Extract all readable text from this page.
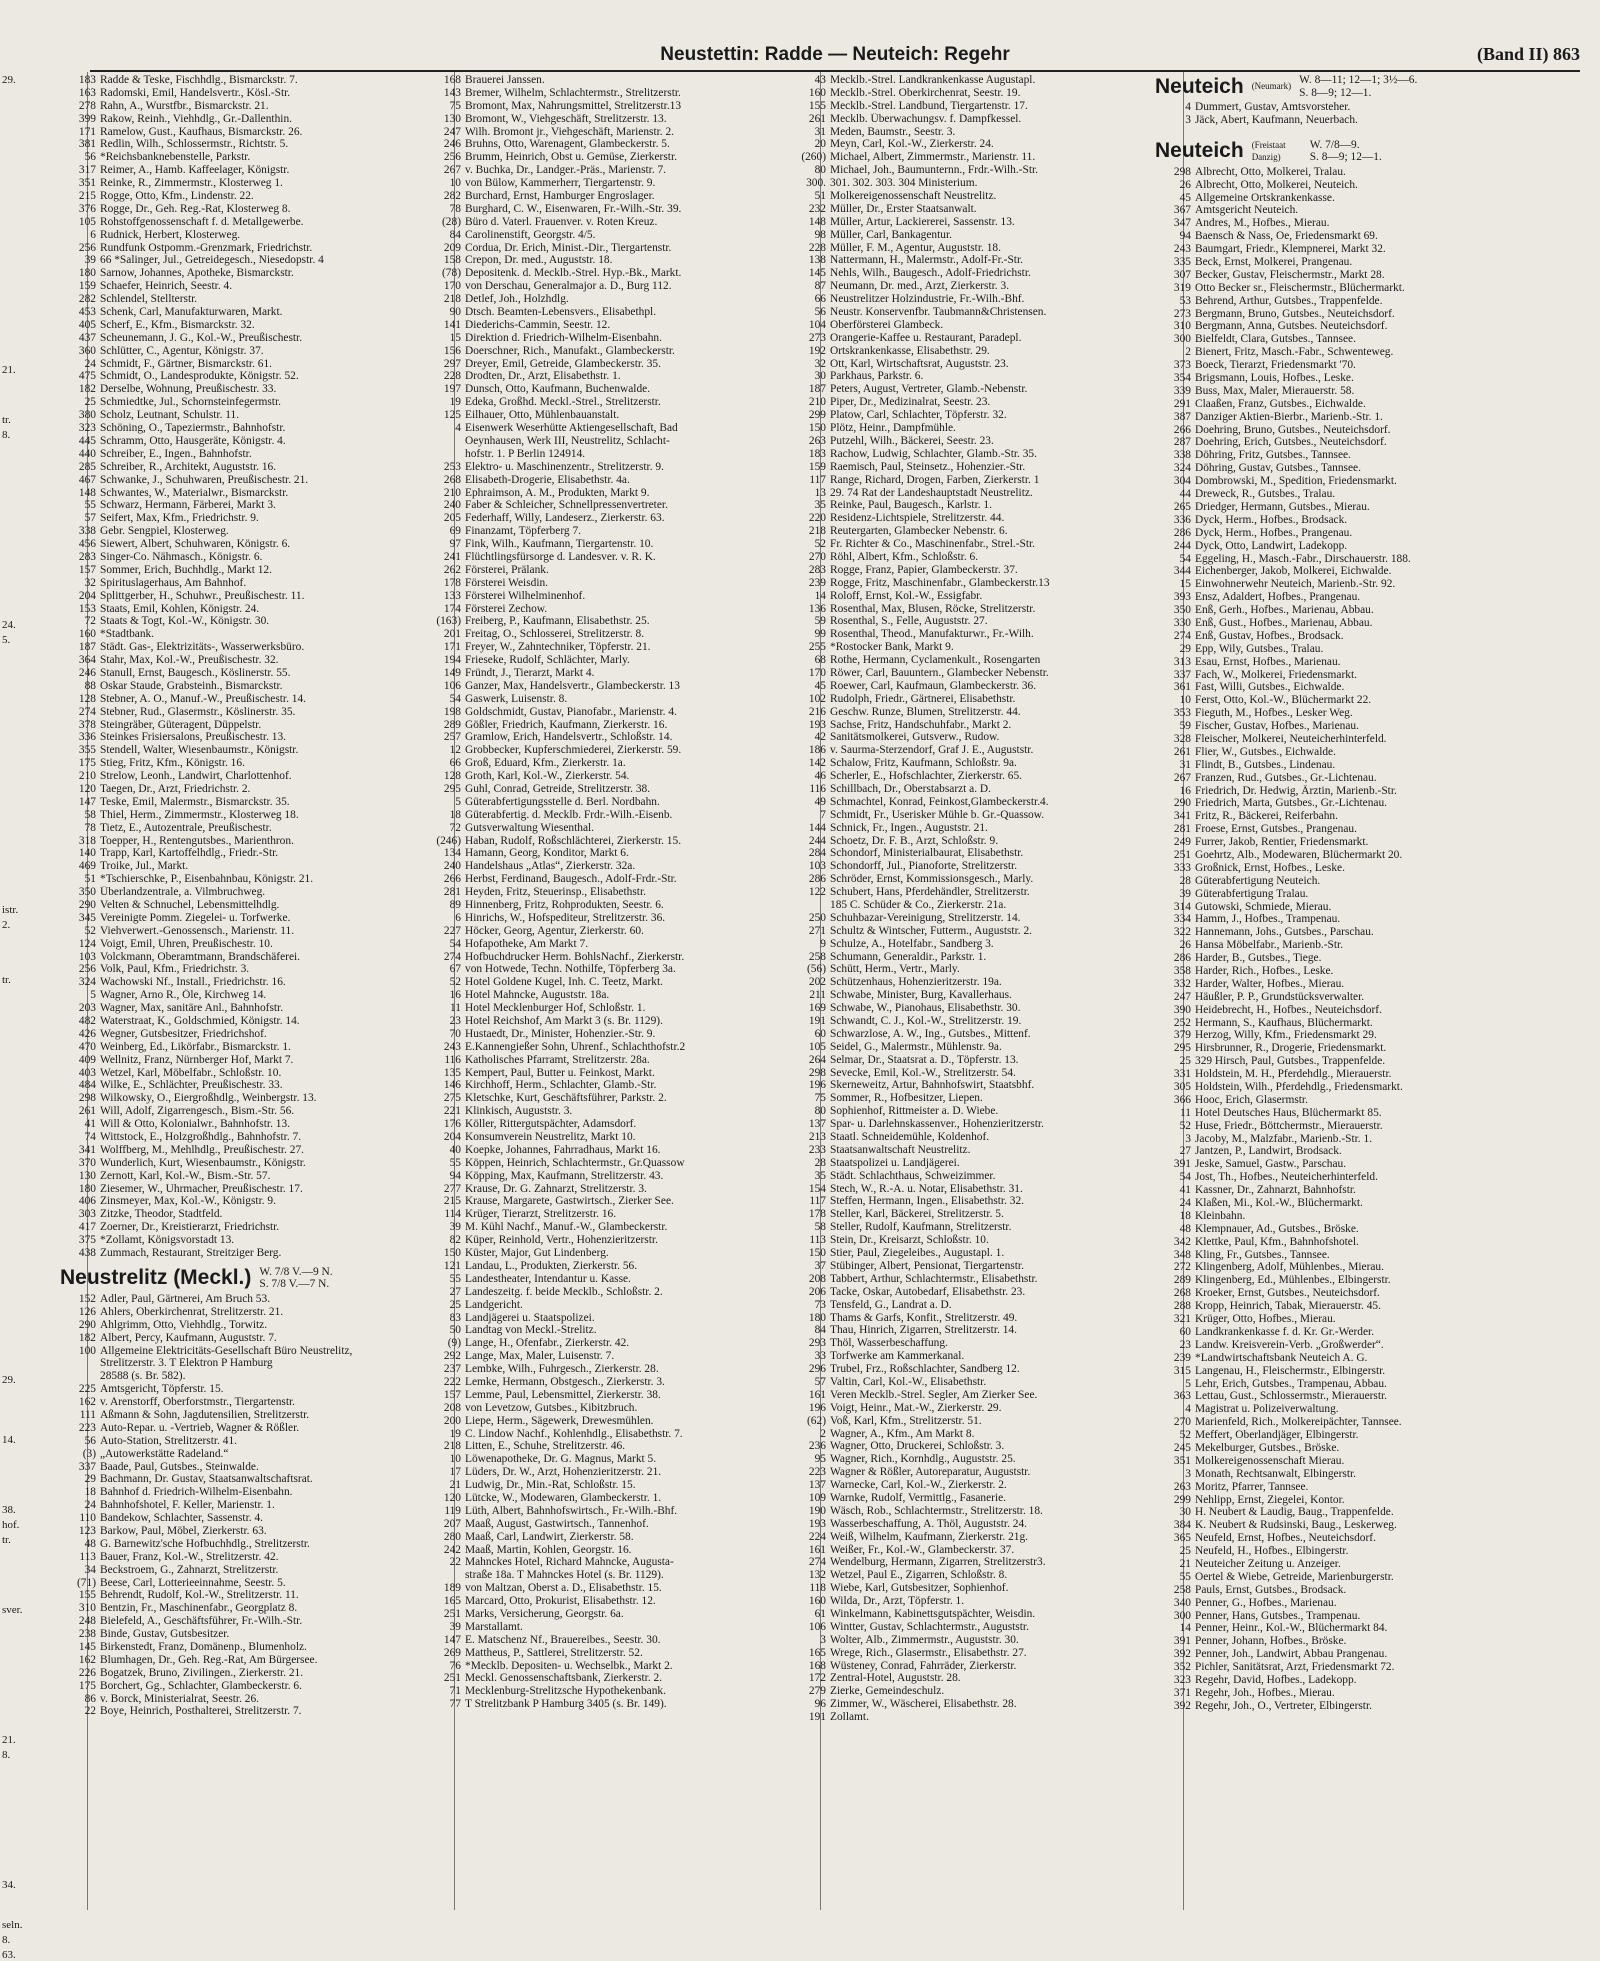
Neustettin: Radde — Neuteich: Regehr	(Band II) 863
29.
21.
tr.
8.
24.
5.
istr.
2.
tr.
29.
14.
38.
hof.
tr.
sver.
21.
8.
34.
seln.
8.
63.
183 Radde & Teske, Fischhdlg., Bismarckstr. 7.
163 Radomski, Emil, Handelsvertr., Kösl.-Str.
278 Rahn, A., Wurstfbr., Bismarckstr. 21.
399 Rakow, Reinh., Viehhdlg., Gr.-Dallenthin.
171 Ramelow, Gust., Kaufhaus, Bismarckstr. 26.
381 Redlin, Wilh., Schlossermstr., Richtstr. 5.
56 *Reichsbanknebenstelle, Parkstr.
317 Reimer, A., Hamb. Kaffeelager, Königstr.
351 Reinke, R., Zimmermstr., Klosterweg 1.
215 Rogge, Otto, Kfm., Lindenstr. 22.
376 Rogge, Dr., Geh. Reg.-Rat, Klosterweg 8.
105 Rohstoffgenossenschaft f. d. Metallgewerbe.
6 Rudnick, Herbert, Klosterweg.
256 Rundfunk Ostpomm.-Grenzmark, Friedrichstr.
39 66 *Salinger, Jul., Getreidegesch., Niesedopstr. 4
180 Sarnow, Johannes, Apotheke, Bismarckstr.
159 Schaefer, Heinrich, Seestr. 4.
282 Schlendel, Stellterstr.
453 Schenk, Carl, Manufakturwaren, Markt.
405 Scherf, E., Kfm., Bismarckstr. 32.
437 Scheunemann, J. G., Kol.-W., Preußischestr.
360 Schlütter, C., Agentur, Königstr. 37.
24 Schmidt, F., Gärtner, Bismarckstr. 61.
475 Schmidt, O., Landesprodukte, Königstr. 52.
182 Derselbe, Wohnung, Preußischestr. 33.
25 Schmiedtke, Jul., Schornsteinfegermstr.
380 Scholz, Leutnant, Schulstr. 11.
323 Schöning, O., Tapeziermstr., Bahnhofstr.
445 Schramm, Otto, Hausgeräte, Königstr. 4.
440 Schreiber, E., Ingen., Bahnhofstr.
285 Schreiber, R., Architekt, Auguststr. 16.
467 Schwanke, J., Schuhwaren, Preußischestr. 21.
148 Schwantes, W., Materialwr., Bismarckstr.
55 Schwarz, Hermann, Färberei, Markt 3.
57 Seifert, Max, Kfm., Friedrichstr. 9.
338 Gebr. Sengpiel, Klosterweg.
456 Siewert, Albert, Schuhwaren, Königstr. 6.
283 Singer-Co. Nähmasch., Königstr. 6.
157 Sommer, Erich, Buchhdlg., Markt 12.
32 Spirituslagerhaus, Am Bahnhof.
204 Splittgerber, H., Schuhwr., Preußischestr. 11.
153 Staats, Emil, Kohlen, Königstr. 24.
72 Staats & Togt, Kol.-W., Königstr. 30.
160 *Stadtbank.
187 Städt. Gas-, Elektrizitäts-, Wasserwerksbüro.
364 Stahr, Max, Kol.-W., Preußischestr. 32.
246 Stanull, Ernst, Baugesch., Köslinerstr. 55.
88 Oskar Staude, Grabsteinh., Bismarckstr.
128 Stebner, A. O., Manuf.-W., Preußischestr. 14.
274 Stebner, Rud., Glasermstr., Köslinerstr. 35.
378 Steingräber, Güteragent, Düppelstr.
336 Steinkes Frisiersalons, Preußischestr. 13.
355 Stendell, Walter, Wiesenbaumstr., Königstr.
175 Stieg, Fritz, Kfm., Königstr. 16.
210 Strelow, Leonh., Landwirt, Charlottenhof.
120 Taegen, Dr., Arzt, Friedrichstr. 2.
147 Teske, Emil, Malermstr., Bismarckstr. 35.
58 Thiel, Herm., Zimmermstr., Klosterweg 18.
78 Tietz, E., Autozentrale, Preußischestr.
318 Toepper, H., Rentengutsbes., Marienthron.
140 Trapp, Karl, Kartoffelhdlg., Friedr.-Str.
469 Troike, Jul., Markt.
51 *Tschierschke, P., Eisenbahnbau, Königstr. 21.
350 Überlandzentrale, a. Vilmbruchweg.
290 Velten & Schnuchel, Lebensmittelhdlg.
345 Vereinigte Pomm. Ziegelei- u. Torfwerke.
52 Viehverwert.-Genossensch., Marienstr. 11.
124 Voigt, Emil, Uhren, Preußischestr. 10.
103 Volckmann, Oberamtmann, Brandschäferei.
256 Volk, Paul, Kfm., Friedrichstr. 3.
324 Wachowski Nf., Install., Friedrichstr. 16.
5 Wagner, Arno R., Öle, Kirchweg 14.
203 Wagner, Max, sanitäre Anl., Bahnhofstr.
482 Waterstraat, K., Goldschmied, Königstr. 14.
426 Wegner, Gutsbesitzer, Friedrichshof.
470 Weinberg, Ed., Likörfabr., Bismarckstr. 1.
409 Wellnitz, Franz, Nürnberger Hof, Markt 7.
403 Wetzel, Karl, Möbelfabr., Schloßstr. 10.
484 Wilke, E., Schlächter, Preußischestr. 33.
298 Wilkowsky, O., Eiergroßhdlg., Weinbergstr. 13.
261 Will, Adolf, Zigarrengesch., Bism.-Str. 56.
41 Will & Otto, Kolonialwr., Bahnhofstr. 13.
74 Wittstock, E., Holzgroßhdlg., Bahnhofstr. 7.
341 Wolffberg, M., Mehlhdlg., Preußischestr. 27.
370 Wunderlich, Kurt, Wiesenbaumstr., Königstr.
130 Zernott, Karl, Kol.-W., Bism.-Str. 57.
180 Ziesemer, W., Uhrmacher, Preußischestr. 17.
406 Zinsmeyer, Max, Kol.-W., Königstr. 9.
303 Zitzke, Theodor, Stadtfeld.
417 Zoerner, Dr., Kreistierarzt, Friedrichstr.
375 *Zollamt, Königsvorstadt 13.
438 Zummach, Restaurant, Streitziger Berg.
Neustrelitz (Meckl.) W. 7/8 V.—9 N.
S. 7/8 V.—7 N.
152 Adler, Paul, Gärtnerei, Am Bruch 53.
126 Ahlers, Oberkirchenrat, Strelitzerstr. 21.
290 Ahlgrimm, Otto, Viehhdlg., Torwitz.
182 Albert, Percy, Kaufmann, Auguststr. 7.
100 Allgemeine Elektricitäts-Gesellschaft Büro Neustrelitz,
Strelitzerstr. 3. T Elektron P Hamburg
28588 (s. Br. 582).
225 Amtsgericht, Töpferstr. 15.
162 v. Arenstorff, Oberforstmstr., Tiergartenstr.
111 Aßmann & Sohn, Jagdutensilien, Strelitzerstr.
223 Auto-Repar. u. -Vertrieb, Wagner & Rößler.
56 Auto-Station, Strelitzerstr. 41.
(3) „Autowerkstätte Radeland.“
337 Baade, Paul, Gutsbes., Steinwalde.
29 Bachmann, Dr. Gustav, Staatsanwaltschaftsrat.
18 Bahnhof d. Friedrich-Wilhelm-Eisenbahn.
24 Bahnhofshotel, F. Keller, Marienstr. 1.
110 Bandekow, Schlachter, Sassenstr. 4.
123 Barkow, Paul, Möbel, Zierkerstr. 63.
48 G. Barnewitz'sche Hofbuchhdlg., Strelitzerstr.
113 Bauer, Franz, Kol.-W., Strelitzerstr. 42.
34 Beckstroem, G., Zahnarzt, Strelitzerstr.
(71) Beese, Carl, Lotterieeinnahme, Seestr. 5.
155 Behrendt, Rudolf, Kol.-W., Strelitzerstr. 11.
310 Bentzin, Fr., Maschinenfabr., Georgplatz 8.
248 Bielefeld, A., Geschäftsführer, Fr.-Wilh.-Str.
238 Binde, Gustav, Gutsbesitzer.
145 Birkenstedt, Franz, Domänenp., Blumenholz.
162 Blumhagen, Dr., Geh. Reg.-Rat, Am Bürgersee.
226 Bogatzek, Bruno, Zivilingen., Zierkerstr. 21.
175 Borchert, Gg., Schlachter, Glambeckerstr. 6.
86 v. Borck, Ministerialrat, Seestr. 26.
22 Boye, Heinrich, Posthalterei, Strelitzerstr. 7.
168 Brauerei Janssen.
143 Bremer, Wilhelm, Schlachtermstr., Strelitzerstr.
75 Bromont, Max, Nahrungsmittel, Strelitzerstr.13
130 Bromont, W., Viehgeschäft, Strelitzerstr. 13.
247 Wilh. Bromont jr., Viehgeschäft, Marienstr. 2.
246 Bruhns, Otto, Warenagent, Glambeckerstr. 5.
256 Brumm, Heinrich, Obst u. Gemüse, Zierkerstr.
267 v. Buchka, Dr., Landger.-Präs., Marienstr. 7.
10 von Bülow, Kammerherr, Tiergartenstr. 9.
282 Burchard, Ernst, Hamburger Engroslager.
78 Burghard, C. W., Eisenwaren, Fr.-Wilh.-Str. 39.
(28) Büro d. Vaterl. Frauenver. v. Roten Kreuz.
84 Carolinenstift, Georgstr. 4/5.
209 Cordua, Dr. Erich, Minist.-Dir., Tiergartenstr.
158 Crepon, Dr. med., Auguststr. 18.
(78) Depositenk. d. Mecklb.-Strel. Hyp.-Bk., Markt.
170 von Derschau, Generalmajor a. D., Burg 112.
218 Detlef, Joh., Holzhdlg.
90 Dtsch. Beamten-Lebensvers., Elisabethpl.
141 Diederichs-Cammin, Seestr. 12.
15 Direktion d. Friedrich-Wilhelm-Eisenbahn.
156 Doerschner, Rich., Manufakt., Glambeckerstr.
297 Dreyer, Emil, Getreide, Glambeckerstr. 35.
228 Drodten, Dr., Arzt, Elisabethstr. 1.
197 Dunsch, Otto, Kaufmann, Buchenwalde.
19 Edeka, Großhd. Meckl.-Strel., Strelitzerstr.
125 Eilhauer, Otto, Mühlenbauanstalt.
4 Eisenwerk Weserhütte Aktiengesellschaft, Bad
Oeynhausen, Werk III, Neustrelitz, Schlacht-
hofstr. 1. P Berlin 124914.
253 Elektro- u. Maschinenzentr., Strelitzerstr. 9.
268 Elisabeth-Drogerie, Elisabethstr. 4a.
210 Ephraimson, A. M., Produkten, Markt 9.
240 Faber & Schleicher, Schnellpressenvertreter.
205 Federhaff, Willy, Landeserz., Zierkerstr. 63.
69 Finanzamt, Töpferberg 7.
97 Fink, Wilh., Kaufmann, Tiergartenstr. 10.
241 Flüchtlingsfürsorge d. Landesver. v. R. K.
262 Försterei, Prälank.
178 Försterei Weisdin.
133 Försterei Wilhelminenhof.
174 Försterei Zechow.
(163) Freiberg, P., Kaufmann, Elisabethstr. 25.
201 Freitag, O., Schlosserei, Strelitzerstr. 8.
171 Freyer, W., Zahntechniker, Töpferstr. 21.
194 Frieseke, Rudolf, Schlächter, Marly.
149 Fründt, J., Tierarzt, Markt 4.
106 Ganzer, Max, Handelsvertr., Glambeckerstr. 13
54 Gaswerk, Luisenstr. 8.
198 Goldschmidt, Gustav, Pianofabr., Marienstr. 4.
289 Gößler, Friedrich, Kaufmann, Zierkerstr. 16.
257 Gramlow, Erich, Handelsvertr., Schloßstr. 14.
12 Grobbecker, Kupferschmiederei, Zierkerstr. 59.
66 Groß, Eduard, Kfm., Zierkerstr. 1a.
128 Groth, Karl, Kol.-W., Zierkerstr. 54.
295 Guhl, Conrad, Getreide, Strelitzerstr. 38.
5 Güterabfertigungsstelle d. Berl. Nordbahn.
18 Güterabfertig. d. Mecklb. Frdr.-Wilh.-Eisenb.
72 Gutsverwaltung Wiesenthal.
(246) Haban, Rudolf, Roßschlächterei, Zierkerstr. 15.
134 Hamann, Georg, Konditor, Markt 6.
240 Handelshaus „Atlas“, Zierkerstr. 32a.
266 Herbst, Ferdinand, Baugesch., Adolf-Frdr.-Str.
281 Heyden, Fritz, Steuerinsp., Elisabethstr.
89 Hinnenberg, Fritz, Rohprodukten, Seestr. 6.
6 Hinrichs, W., Hofspediteur, Strelitzerstr. 36.
227 Höcker, Georg, Agentur, Zierkerstr. 60.
54 Hofapotheke, Am Markt 7.
274 Hofbuchdrucker Herm. BohlsNachf., Zierkerstr.
67 von Hotwede, Techn. Nothilfe, Töpferberg 3a.
52 Hotel Goldene Kugel, Inh. C. Teetz, Markt.
16 Hotel Mahncke, Auguststr. 18a.
11 Hotel Mecklenburger Hof, Schloßstr. 1.
23 Hotel Reichshof, Am Markt 3 (s. Br. 1129).
70 Hustaedt, Dr., Minister, Hohenzier.-Str. 9.
243 E.Kannengießer Sohn, Uhrenf., Schlachthofstr.2
116 Katholisches Pfarramt, Strelitzerstr. 28a.
135 Kempert, Paul, Butter u. Feinkost, Markt.
146 Kirchhoff, Herm., Schlachter, Glamb.-Str.
275 Kletschke, Kurt, Geschäftsführer, Parkstr. 2.
221 Klinkisch, Auguststr. 3.
176 Köller, Rittergutspächter, Adamsdorf.
204 Konsumverein Neustrelitz, Markt 10.
40 Koepke, Johannes, Fahrradhaus, Markt 16.
55 Köppen, Heinrich, Schlachtermstr., Gr.Quassow
94 Köpping, Max, Kaufmann, Strelitzerstr. 43.
277 Krause, Dr. G. Zahnarzt, Strelitzerstr. 3.
215 Krause, Margarete, Gastwirtsch., Zierker See.
114 Krüger, Tierarzt, Strelitzerstr. 16.
39 M. Kühl Nachf., Manuf.-W., Glambeckerstr.
82 Küper, Reinhold, Vertr., Hohenzieritzerstr.
150 Küster, Major, Gut Lindenberg.
121 Landau, L., Produkten, Zierkerstr. 56.
55 Landestheater, Intendantur u. Kasse.
27 Landeszeitg. f. beide Mecklb., Schloßstr. 2.
25 Landgericht.
83 Landjägerei u. Staatspolizei.
50 Landtag von Meckl.-Strelitz.
(9) Lange, H., Ofenfabr., Zierkerstr. 42.
292 Lange, Max, Maler, Luisenstr. 7.
237 Lembke, Wilh., Fuhrgesch., Zierkerstr. 28.
222 Lemke, Hermann, Obstgesch., Zierkerstr. 3.
157 Lemme, Paul, Lebensmittel, Zierkerstr. 38.
208 von Levetzow, Gutsbes., Kibitzbruch.
200 Liepe, Herm., Sägewerk, Drewesmühlen.
19 C. Lindow Nachf., Kohlenhdlg., Elisabethstr. 7.
218 Litten, E., Schuhe, Strelitzerstr. 46.
10 Löwenapotheke, Dr. G. Magnus, Markt 5.
17 Lüders, Dr. W., Arzt, Hohenzieritzerstr. 21.
21 Ludwig, Dr., Min.-Rat, Schloßstr. 15.
120 Lütcke, W., Modewaren, Glambeckerstr. 1.
119 Lüth, Albert, Bahnhofswirtsch., Fr.-Wilh.-Bhf.
207 Maaß, August, Gastwirtsch., Tannenhof.
280 Maaß, Carl, Landwirt, Zierkerstr. 58.
242 Maaß, Martin, Kohlen, Georgstr. 16.
22 Mahnckes Hotel, Richard Mahncke, Augusta-
straße 18a. T Mahnckes Hotel (s. Br. 1129).
189 von Maltzan, Oberst a. D., Elisabethstr. 15.
165 Marcard, Otto, Prokurist, Elisabethstr. 12.
251 Marks, Versicherung, Georgstr. 6a.
39 Marstallamt.
147 E. Matschenz Nf., Brauereibes., Seestr. 30.
269 Mattheus, P., Sattlerei, Strelitzerstr. 52.
76 *Mecklb. Depositen- u. Wechselbk., Markt 2.
251 Meckl. Genossenschaftsbank, Zierkerstr. 2.
71 Mecklenburg-Strelitzsche Hypothekenbank.
77 T Strelitzbank P Hamburg 3405 (s. Br. 149).
43 Mecklb.-Strel. Landkrankenkasse Augustapl.
160 Mecklb.-Strel. Oberkirchenrat, Seestr. 19.
155 Mecklb.-Strel. Landbund, Tiergartenstr. 17.
261 Mecklb. Überwachungsv. f. Dampfkessel.
31 Meden, Baumstr., Seestr. 3.
20 Meyn, Carl, Kol.-W., Zierkerstr. 24.
(260) Michael, Albert, Zimmermstr., Marienstr. 11.
80 Michael, Joh., Baumunternn., Frdr.-Wilh.-Str.
300. 301. 302. 303. 304 Ministerium.
51 Molkereigenossenschaft Neustrelitz.
232 Müller, Dr., Erster Staatsanwalt.
148 Müller, Artur, Lackiererei, Sassenstr. 13.
98 Müller, Carl, Bankagentur.
228 Müller, F. M., Agentur, Auguststr. 18.
138 Nattermann, H., Malermstr., Adolf-Fr.-Str.
145 Nehls, Wilh., Baugesch., Adolf-Friedrichstr.
87 Neumann, Dr. med., Arzt, Zierkerstr. 3.
66 Neustrelitzer Holzindustrie, Fr.-Wilh.-Bhf.
56 Neustr. Konservenfbr. Taubmann&Christensen.
104 Oberförsterei Glambeck.
273 Orangerie-Kaffee u. Restaurant, Paradepl.
192 Ortskrankenkasse, Elisabethstr. 29.
32 Ott, Karl, Wirtschaftsrat, Auguststr. 23.
30 Parkhaus, Parkstr. 6.
187 Peters, August, Vertreter, Glamb.-Nebenstr.
210 Piper, Dr., Medizinalrat, Seestr. 23.
299 Platow, Carl, Schlachter, Töpferstr. 32.
150 Plötz, Heinr., Dampfmühle.
263 Putzehl, Wilh., Bäckerei, Seestr. 23.
183 Rachow, Ludwig, Schlachter, Glamb.-Str. 35.
159 Raemisch, Paul, Steinsetz., Hohenzier.-Str.
117 Range, Richard, Drogen, Farben, Zierkerstr. 1
13 29. 74 Rat der Landeshauptstadt Neustrelitz.
35 Reinke, Paul, Baugesch., Karlstr. 1.
220 Residenz-Lichtspiele, Strelitzerstr. 44.
218 Reutergarten, Glambecker Nebenstr. 6.
52 Fr. Richter & Co., Maschinenfabr., Strel.-Str.
270 Röhl, Albert, Kfm., Schloßstr. 6.
283 Rogge, Franz, Papier, Glambeckerstr. 37.
239 Rogge, Fritz, Maschinenfabr., Glambeckerstr.13
14 Roloff, Ernst, Kol.-W., Essigfabr.
136 Rosenthal, Max, Blusen, Röcke, Strelitzerstr.
59 Rosenthal, S., Felle, Auguststr. 27.
99 Rosenthal, Theod., Manufakturwr., Fr.-Wilh.
255 *Rostocker Bank, Markt 9.
68 Rothe, Hermann, Cyclamenkult., Rosengarten
170 Röwer, Carl, Bauuntern., Glambecker Nebenstr.
45 Roewer, Carl, Kaufmaun, Glambeckerstr. 36.
102 Rudolph, Friedr., Gärtnerei, Elisabethstr.
216 Geschw. Runze, Blumen, Strelitzerstr. 44.
193 Sachse, Fritz, Handschuhfabr., Markt 2.
42 Sanitätsmolkerei, Gutsverw., Rudow.
186 v. Saurma-Sterzendorf, Graf J. E., Auguststr.
142 Schalow, Fritz, Kaufmann, Schloßstr. 9a.
46 Scherler, E., Hofschlachter, Zierkerstr. 65.
116 Schillbach, Dr., Oberstabsarzt a. D.
49 Schmachtel, Konrad, Feinkost,Glambeckerstr.4.
7 Schmidt, Fr., Userisker Mühle b. Gr.-Quassow.
144 Schnick, Fr., Ingen., Auguststr. 21.
244 Schoetz, Dr. F. B., Arzt, Schloßstr. 9.
284 Schondorf, Ministerialbaurat, Elisabethstr.
103 Schondorff, Jul., Pianoforte, Strelitzerstr.
286 Schröder, Ernst, Kommissionsgesch., Marly.
122 Schubert, Hans, Pferdehändler, Strelitzerstr.
185 C. Schüder & Co., Zierkerstr. 21a.
250 Schuhbazar-Vereinigung, Strelitzerstr. 14.
271 Schultz & Wintscher, Futterm., Auguststr. 2.
9 Schulze, A., Hotelfabr., Sandberg 3.
258 Schumann, Generaldir., Parkstr. 1.
(56) Schütt, Herm., Vertr., Marly.
202 Schützenhaus, Hohenzieritzerstr. 19a.
211 Schwabe, Minister, Burg, Kavallerhaus.
169 Schwabe, W., Pianohaus, Elisabethstr. 30.
191 Schwandt, C. J., Kol.-W., Strelitzerstr. 19.
60 Schwarzlose, A. W., Ing., Gutsbes., Mittenf.
105 Seidel, G., Malermstr., Mühlenstr. 9a.
264 Selmar, Dr., Staatsrat a. D., Töpferstr. 13.
298 Sevecke, Emil, Kol.-W., Strelitzerstr. 54.
196 Skerneweitz, Artur, Bahnhofswirt, Staatsbhf.
75 Sommer, R., Hofbesitzer, Liepen.
80 Sophienhof, Rittmeister a. D. Wiebe.
137 Spar- u. Darlehnskassenver., Hohenzieritzerstr.
213 Staatl. Schneidemühle, Koldenhof.
233 Staatsanwaltschaft Neustrelitz.
28 Staatspolizei u. Landjägerei.
35 Städt. Schlachthaus, Schweizimmer.
154 Stech, W., R.-A. u. Notar, Elisabethstr. 31.
117 Steffen, Hermann, Ingen., Elisabethstr. 32.
178 Steller, Karl, Bäckerei, Strelitzerstr. 5.
58 Steller, Rudolf, Kaufmann, Strelitzerstr.
113 Stein, Dr., Kreisarzt, Schloßstr. 10.
150 Stier, Paul, Ziegeleibes., Augustapl. 1.
37 Stübinger, Albert, Pensionat, Tiergartenstr.
208 Tabbert, Arthur, Schlachtermstr., Elisabethstr.
206 Tacke, Oskar, Autobedarf, Elisabethstr. 23.
73 Tensfeld, G., Landrat a. D.
180 Thams & Garfs, Konfit., Strelitzerstr. 49.
84 Thau, Hinrich, Zigarren, Strelitzerstr. 14.
293 Thöl, Wasserbeschaffung.
33 Torfwerke am Kammerkanal.
296 Trubel, Frz., Roßschlachter, Sandberg 12.
57 Valtin, Carl, Kol.-W., Elisabethstr.
161 Veren Mecklb.-Strel. Segler, Am Zierker See.
196 Voigt, Heinr., Mat.-W., Zierkerstr. 29.
(62) Voß, Karl, Kfm., Strelitzerstr. 51.
2 Wagner, A., Kfm., Am Markt 8.
236 Wagner, Otto, Druckerei, Schloßstr. 3.
95 Wagner, Rich., Kornhdlg., Auguststr. 25.
223 Wagner & Rößler, Autoreparatur, Auguststr.
137 Warnecke, Carl, Kol.-W., Zierkerstr. 2.
109 Warnke, Rudolf, Vermittlg., Fasanerie.
190 Wäsch, Rob., Schlachtermstr., Strelitzerstr. 18.
193 Wasserbeschaffung, A. Thöl, Auguststr. 24.
224 Weiß, Wilhelm, Kaufmann, Zierkerstr. 21g.
161 Weißer, Fr., Kol.-W., Glambeckerstr. 37.
274 Wendelburg, Hermann, Zigarren, Strelitzerstr3.
132 Wetzel, Paul E., Zigarren, Schloßstr. 8.
118 Wiebe, Karl, Gutsbesitzer, Sophienhof.
160 Wilda, Dr., Arzt, Töpferstr. 1.
61 Winkelmann, Kabinettsgutspächter, Weisdin.
106 Wintter, Gustav, Schlachtermstr., Auguststr.
3 Wolter, Alb., Zimmermstr., Auguststr. 30.
165 Wrege, Rich., Glasermstr., Elisabethstr. 27.
168 Wüsteney, Conrad, Fahrräder, Zierkerstr.
172 Zentral-Hotel, Auguststr. 28.
279 Zierke, Gemeindeschulz.
96 Zimmer, W., Wäscherei, Elisabethstr. 28.
191 Zollamt.
Neuteich (Neumark)
W. 8—11; 12—1; 3½—6.
S. 8—9; 12—1.
4 Dummert, Gustav, Amtsvorsteher.
3 Jäck, Abert, Kaufmann, Neuerbach.
Neuteich (Freistaat Danzig)
W. 7/8—9.
S. 8—9; 12—1.
298 Albrecht, Otto, Molkerei, Tralau.
26 Albrecht, Otto, Molkerei, Neuteich.
45 Allgemeine Ortskrankenkasse.
367 Amtsgericht Neuteich.
347 Andres, M., Hofbes., Mierau.
94 Baensch & Nass, Oe, Friedensmarkt 69.
243 Baumgart, Friedr., Klempnerei, Markt 32.
335 Beck, Ernst, Molkerei, Prangenau.
307 Becker, Gustav, Fleischermstr., Markt 28.
319 Otto Becker sr., Fleischermstr., Blüchermarkt.
53 Behrend, Arthur, Gutsbes., Trappenfelde.
273 Bergmann, Bruno, Gutsbes., Neuteichsdorf.
310 Bergmann, Anna, Gutsbes. Neuteichsdorf.
300 Bielfeldt, Clara, Gutsbes., Tannsee.
2 Bienert, Fritz, Masch.-Fabr., Schwenteweg.
373 Boeck, Tierarzt, Friedensmarkt '70.
354 Brigsmann, Louis, Hofbes., Leske.
339 Buss, Max, Maler, Mierauerstr. 58.
291 Claaßen, Franz, Gutsbes., Eichwalde.
387 Danziger Aktien-Bierbr., Marienb.-Str. 1.
266 Doehring, Bruno, Gutsbes., Neuteichsdorf.
287 Doehring, Erich, Gutsbes., Neuteichsdorf.
338 Döhring, Fritz, Gutsbes., Tannsee.
324 Döhring, Gustav, Gutsbes., Tannsee.
304 Dombrowski, M., Spedition, Friedensmarkt.
44 Dreweck, R., Gutsbes., Tralau.
265 Driedger, Hermann, Gutsbes., Mierau.
336 Dyck, Herm., Hofbes., Brodsack.
286 Dyck, Herm., Hofbes., Prangenau.
244 Dyck, Otto, Landwirt, Ladekopp.
54 Eggeling, H., Masch.-Fabr., Dirschauerstr. 188.
344 Eichenberger, Jakob, Molkerei, Eichwalde.
15 Einwohnerwehr Neuteich, Marienb.-Str. 92.
393 Ensz, Adaldert, Hofbes., Prangenau.
350 Enß, Gerh., Hofbes., Marienau, Abbau.
330 Enß, Gust., Hofbes., Marienau, Abbau.
274 Enß, Gustav, Hofbes., Brodsack.
29 Epp, Wily, Gutsbes., Tralau.
313 Esau, Ernst, Hofbes., Marienau.
337 Fach, W., Molkerei, Friedensmarkt.
361 Fast, Willi, Gutsbes., Eichwalde.
10 Ferst, Otto, Kol.-W., Blüchermarkt 22.
353 Fieguth, M., Hofbes., Lesker Weg.
59 Fischer, Gustav, Hofbes., Marienau.
328 Fleischer, Molkerei, Neuteicherhinterfeld.
261 Flier, W., Gutsbes., Eichwalde.
31 Flindt, B., Gutsbes., Lindenau.
267 Franzen, Rud., Gutsbes., Gr.-Lichtenau.
16 Friedrich, Dr. Hedwig, Ärztin, Marienb.-Str.
290 Friedrich, Marta, Gutsbes., Gr.-Lichtenau.
341 Fritz, R., Bäckerei, Reiferbahn.
281 Froese, Ernst, Gutsbes., Prangenau.
249 Furrer, Jakob, Rentier, Friedensmarkt.
251 Goehrtz, Alb., Modewaren, Blüchermarkt 20.
333 Großnick, Ernst, Hofbes., Leske.
28 Güterabfertigung Neuteich.
39 Güterabfertigung Tralau.
314 Gutowski, Schmiede, Mierau.
334 Hamm, J., Hofbes., Trampenau.
322 Hannemann, Johs., Gutsbes., Parschau.
26 Hansa Möbelfabr., Marienb.-Str.
286 Harder, B., Gutsbes., Tiege.
358 Harder, Rich., Hofbes., Leske.
332 Harder, Walter, Hofbes., Mierau.
247 Häußler, P. P., Grundstücksverwalter.
390 Heidebrecht, H., Hofbes., Neuteichsdorf.
252 Hermann, S., Kaufhaus, Blüchermarkt.
379 Herzog, Willy, Kfm., Friedensmarkt 29.
295 Hirsbrunner, R., Drogerie, Friedensmarkt.
25 329 Hirsch, Paul, Gutsbes., Trappenfelde.
331 Holdstein, M. H., Pferdehdlg., Mierauerstr.
305 Holdstein, Wilh., Pferdehdlg., Friedensmarkt.
366 Hooc, Erich, Glasermstr.
11 Hotel Deutsches Haus, Blüchermarkt 85.
52 Huse, Friedr., Böttchermstr., Mierauerstr.
3 Jacoby, M., Malzfabr., Marienb.-Str. 1.
27 Jantzen, P., Landwirt, Brodsack.
391 Jeske, Samuel, Gastw., Parschau.
54 Jost, Th., Hofbes., Neuteicherhinterfeld.
41 Kassner, Dr., Zahnarzt, Bahnhofstr.
24 Klaßen, Mi., Kol.-W., Blüchermarkt.
18 Kleinbahn.
48 Klempnauer, Ad., Gutsbes., Bröske.
342 Klettke, Paul, Kfm., Bahnhofshotel.
348 Kling, Fr., Gutsbes., Tannsee.
272 Klingenberg, Adolf, Mühlenbes., Mierau.
289 Klingenberg, Ed., Mühlenbes., Elbingerstr.
268 Kroeker, Ernst, Gutsbes., Neuteichsdorf.
288 Kropp, Heinrich, Tabak, Mierauerstr. 45.
321 Krüger, Otto, Hofbes., Mierau.
60 Landkrankenkasse f. d. Kr. Gr.-Werder.
23 Landw. Kreisverein-Verb. „Großwerder“.
239 *Landwirtschaftsbank Neuteich A. G.
315 Langenau, H., Fleischermstr., Elbingerstr.
5 Lehr, Erich, Gutsbes., Trampenau, Abbau.
363 Lettau, Gust., Schlossermstr., Mierauerstr.
4 Magistrat u. Polizeiverwaltung.
270 Marienfeld, Rich., Molkereipächter, Tannsee.
52 Meffert, Oberlandjäger, Elbingerstr.
245 Mekelburger, Gutsbes., Bröske.
351 Molkereigenossenschaft Mierau.
3 Monath, Rechtsanwalt, Elbingerstr.
263 Moritz, Pfarrer, Tannsee.
299 Nehlipp, Ernst, Ziegelei, Kontor.
30 H. Neubert & Laudig, Baug., Trappenfelde.
384 K. Neubert & Rudsinski, Baug., Leskerweg.
365 Neufeld, Ernst, Hofbes., Neuteichsdorf.
25 Neufeld, H., Hofbes., Elbingerstr.
21 Neuteicher Zeitung u. Anzeiger.
55 Oertel & Wiebe, Getreide, Marienburgerstr.
258 Pauls, Ernst, Gutsbes., Brodsack.
340 Penner, G., Hofbes., Marienau.
300 Penner, Hans, Gutsbes., Trampenau.
14 Penner, Heinr., Kol.-W., Blüchermarkt 84.
391 Penner, Johann, Hofbes., Bröske.
392 Penner, Joh., Landwirt, Abbau Prangenau.
352 Pichler, Sanitätsrat, Arzt, Friedensmarkt 72.
323 Regehr, David, Hofbes., Ladekopp.
371 Regehr, Joh., Hofbes., Mierau.
392 Regehr, Joh., O., Vertreter, Elbingerstr.
